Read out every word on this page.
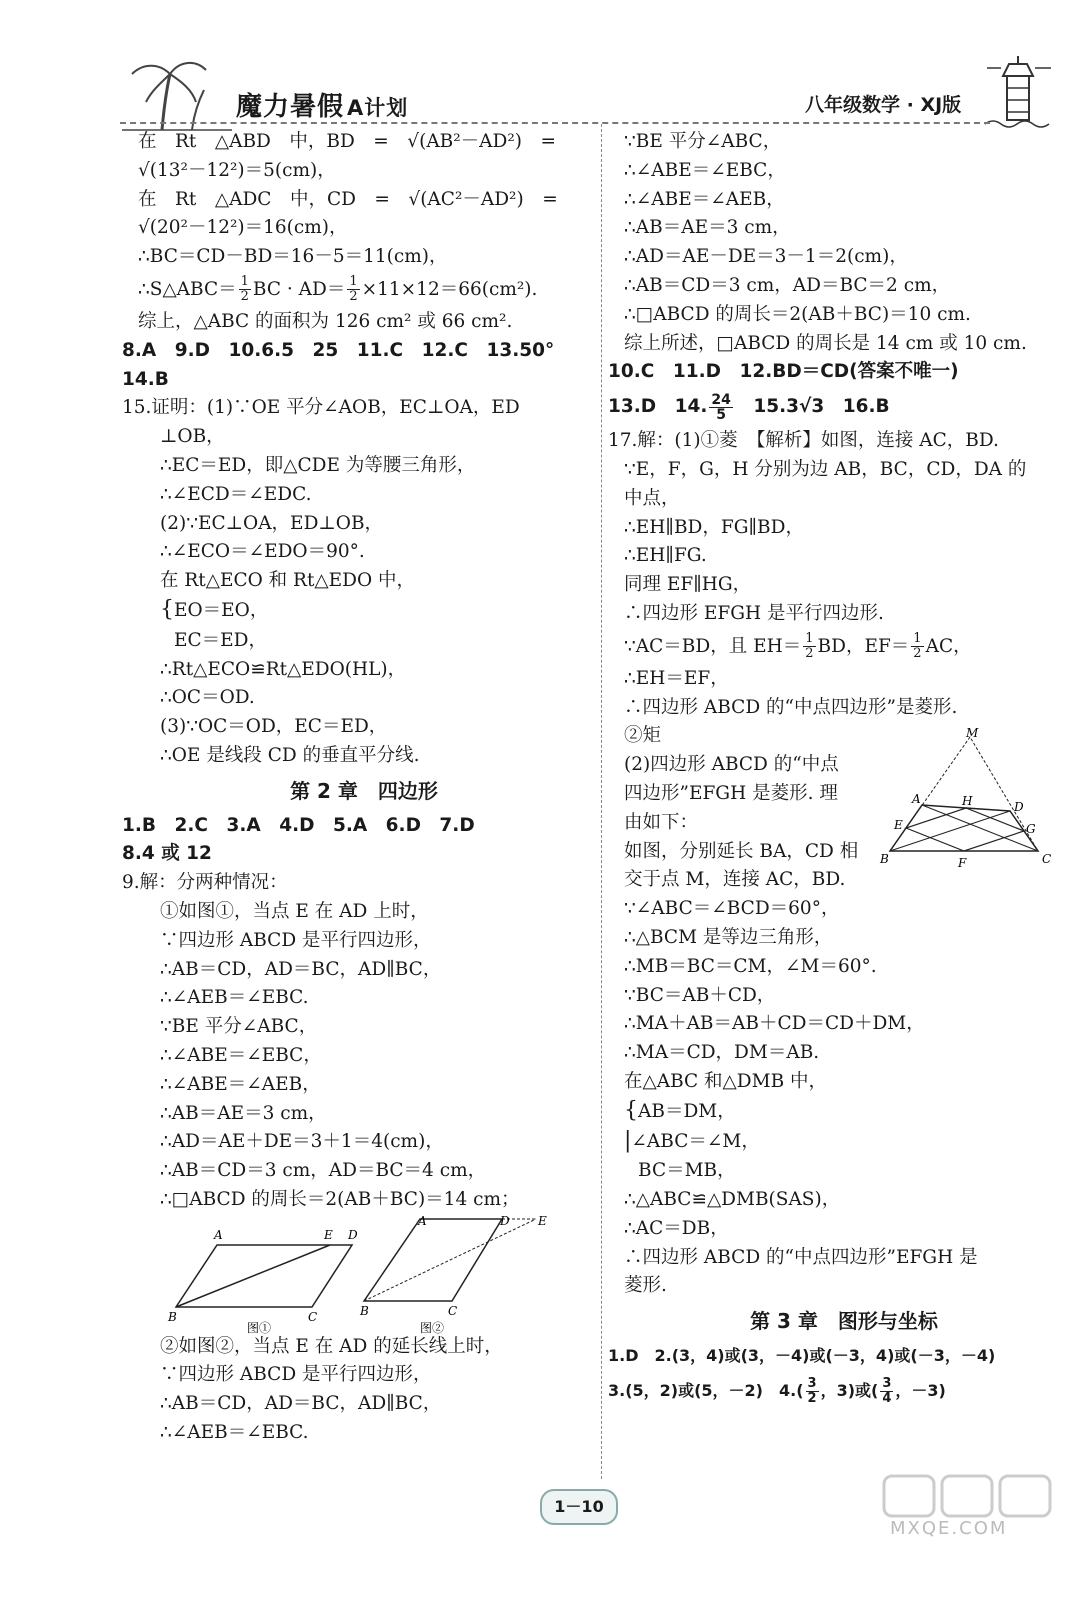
魔力暑假 A计划	八年级数学 · XJ版
在　Rt　△ABD　中，BD　=　√(AB²－AD²)　=
√(13²－12²)＝5(cm)，
在　Rt　△ADC　中，CD　=　√(AC²－AD²)　=
√(20²－12²)＝16(cm)，
∴BC＝CD－BD＝16－5＝11(cm)，
∴S△ABC＝ $\frac{1}{2}$ BC · $AD= \frac{1}{2} \times 11\times 12=66(cm^2)$.
综上，△ABC 的面积为 126 cm² 或 66 cm².
8.A　9.D　10.6.5　25　11.C　12.C　13.50°
14.B
15.证明：(1)∵OE 平分∠AOB，EC⊥OA，ED
⊥OB，
∴EC＝ED，即△CDE 为等腰三角形，
∴∠ECD＝∠EDC.
(2)∵EC⊥OA，ED⊥OB，
∴∠ECO＝∠EDO＝90°.
在 Rt△ECO 和 Rt△EDO 中，
{EO＝EO，
EC＝ED，
∴Rt△ECO≌Rt△EDO(HL)，
∴OC＝OD.
(3)∵OC＝OD，EC＝ED，
∴OE 是线段 CD 的垂直平分线.
第 2 章　四边形
1.B　2.C　3.A　4.D　5.A　6.D　7.D
8.4 或 12
9.解：分两种情况：
①如图①，当点 E 在 AD 上时，
∵四边形 ABCD 是平行四边形，
∴AB＝CD，AD＝BC，AD∥BC，
∴∠AEB＝∠EBC.
∵BE 平分∠ABC，
∴∠ABE＝∠EBC，
∴∠ABE＝∠AEB，
∴AB＝AE＝3 cm，
∴AD＝AE＋DE＝3＋1＝4(cm)，
∴AB＝CD＝3 cm，AD＝BC＝4 cm，
∴□ABCD 的周长＝2(AB＋BC)＝14 cm；
A	E D
B	C
图①
A	D E
B	C
图②
②如图②，当点 E 在 AD 的延长线上时，
∵四边形 ABCD 是平行四边形，
∴AB＝CD，AD＝BC，AD∥BC，
∴∠AEB＝∠EBC.
∵BE 平分∠ABC，
∴∠ABE＝∠EBC，
∴∠ABE＝∠AEB，
∴AB＝AE＝3 cm，
∴AD＝AE－DE＝3－1＝2(cm)，
∴AB＝CD＝3 cm，AD＝BC＝2 cm，
∴□ABCD 的周长＝2(AB＋BC)＝10 cm.
综上所述，□ABCD 的周长是 14 cm 或 10 cm.
10.C　11.D　12.BD＝CD(答案不唯一)
13.D　14. $\frac{24}{5}$ 　15.3√3　16.B
17.解：(1)①菱　【解析】如图，连接 AC，BD.
∵E，F，G，H 分别为边 AB，BC，CD，DA 的
中点，
∴EH∥BD，FG∥BD，
∴EH∥FG.
同理 EF∥HG，
∴四边形 EFGH 是平行四边形.
∵AC＝BD，且 $EH= \frac{1}{2}$ BD，$EF= \frac{1}{2}$ AC，
∴EH＝EF，
∴四边形 ABCD 的“中点四边形”是菱形.
②矩
(2)四边形 ABCD 的“中点
四边形”EFGH 是菱形. 理
由如下：
如图，分别延长 BA，CD 相
交于点 M，连接 AC，BD.
M
A	H	D
E	G
B	F	C
∵∠ABC＝∠BCD＝60°，
∴△BCM 是等边三角形，
∴MB＝BC＝CM，∠M＝60°.
∵BC＝AB＋CD，
∴MA＋AB＝AB＋CD＝CD＋DM，
∴MA＝CD，DM＝AB.
在△ABC 和△DMB 中，
{AB＝DM，
|∠ABC＝∠M，
BC＝MB，
∴△ABC≌△DMB(SAS)，
∴AC＝DB，
∴四边形 ABCD 的“中点四边形”EFGH 是
菱形.
第 3 章　图形与坐标
1.D　2.(3，4)或(3，－4)或(－3，4)或(－3，－4)
3.(5，2)或(5，－2)　$4.( \frac{3}{2}$ ，3)或( $\frac{3}{4}$ ，－3)
1－10
MXQE.COM
